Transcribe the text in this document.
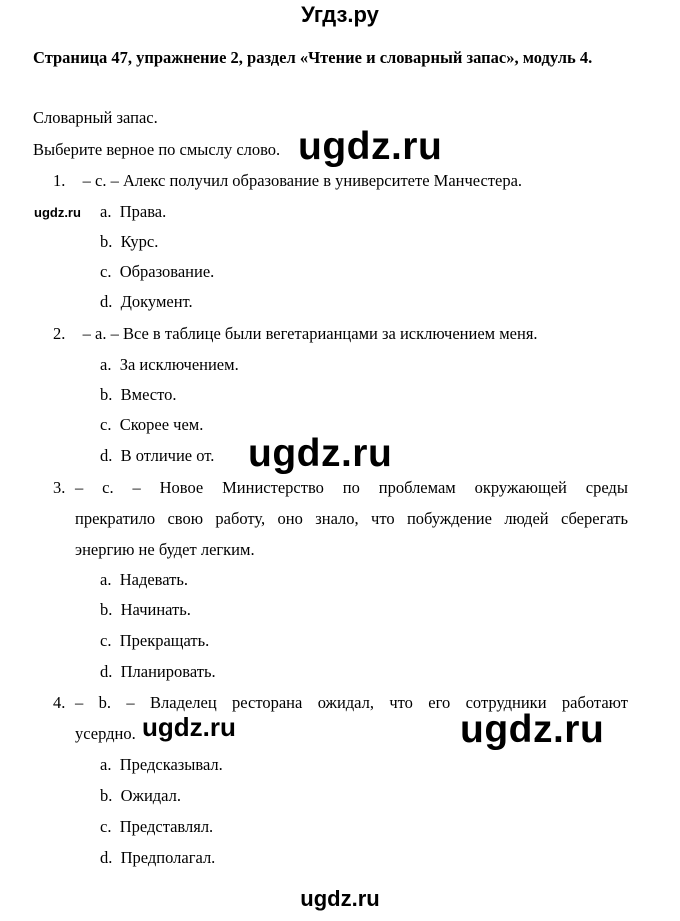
Угдз.ру
Страница 47, упражнение 2, раздел «Чтение и словарный запас», модуль 4.
Словарный запас.
Выберите верное по смыслу слово.
1. – c. – Алекс получил образование в университете Манчестера.
a. Права.
b. Курс.
c. Образование.
d. Документ.
2. – a. – Все в таблице были вегетарианцами за исключением меня.
a. За исключением.
b. Вместо.
c. Скорее чем.
d. В отличие от.
3. – c. – Новое Министерство по проблемам окружающей среды
прекратило свою работу, оно знало, что побуждение людей сберегать
энергию не будет легким.
a. Надевать.
b. Начинать.
c. Прекращать.
d. Планировать.
4. – b. – Владелец ресторана ожидал, что его сотрудники работают
усердно.
a. Предсказывал.
b. Ожидал.
c. Представлял.
d. Предполагал.
ugdz.ru
ugdz.ru
ugdz.ru
ugdz.ru	ugdz.ru
ugdz.ru
